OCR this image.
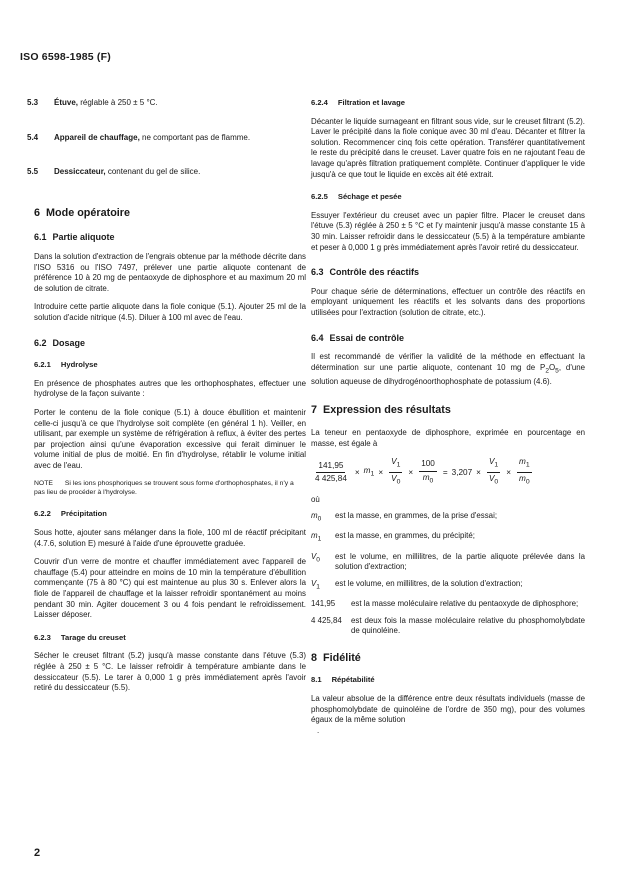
ISO 6598-1985 (F)
5.3 Étuve, réglable à 250 ± 5 °C.
5.4 Appareil de chauffage, ne comportant pas de flamme.
5.5 Dessiccateur, contenant du gel de silice.
6 Mode opératoire
6.1 Partie aliquote

Dans la solution d'extraction de l'engrais obtenue par la méthode décrite dans l'ISO 5316 ou l'ISO 7497, prélever une partie aliquote contenant de préférence 10 à 20 mg de pentaoxyde de diphosphore et au maximum 20 ml de solution de citrate.

Introduire cette partie aliquote dans la fiole conique (5.1). Ajouter 25 ml de la solution d'acide nitrique (4.5). Diluer à 100 ml avec de l'eau.

6.2 Dosage
6.2.1 Hydrolyse

En présence de phosphates autres que les orthophosphates, effectuer une hydrolyse de la façon suivante :

Porter le contenu de la fiole conique (5.1) à douce ébullition et maintenir celle-ci jusqu'à ce que l'hydrolyse soit complète (en général 1 h). Veiller, en utilisant, par exemple un système de réfrigération à reflux, à éviter des pertes par projection ainsi qu'une évaporation excessive qui ferait diminuer le volume initial de plus de moitié. En fin d'hydrolyse, rétablir le volume initial avec de l'eau.

NOTE Si les ions phosphoriques se trouvent sous forme d'orthophosphates, il n'y a pas lieu de procéder à l'hydrolyse.
6.2.2 Précipitation

Sous hotte, ajouter sans mélanger dans la fiole, 100 ml de réactif précipitant (4.7.6, solution E) mesuré à l'aide d'une éprouvette graduée.

Couvrir d'un verre de montre et chauffer immédiatement avec l'appareil de chauffage (5.4) pour atteindre en moins de 10 min la température d'ébullition commençante (75 à 80 °C) qui est maintenue au plus 30 s. Enlever alors la fiole de l'appareil de chauffage et la laisser refroidir spontanément au moins pendant 30 min. Agiter doucement 3 ou 4 fois pendant le refroidissement. Laisser déposer.

6.2.3 Tarage du creuset

Sécher le creuset filtrant (5.2) jusqu'à masse constante dans l'étuve (5.3) réglée à 250 ± 5 °C. Le laisser refroidir à température ambiante dans le dessiccateur (5.5). Le tarer à 0,000 1 g près immédiatement après l'avoir retiré du dessiccateur (5.5).

6.2.4 Filtration et lavage

Décanter le liquide surnageant en filtrant sous vide, sur le creuset filtrant (5.2). Laver le précipité dans la fiole conique avec 30 ml d'eau. Décanter et filtrer la solution. Recommencer cinq fois cette opération. Transférer quantitativement le reste du précipité dans le creuset. Laver quatre fois en ne rajoutant l'eau de lavage qu'après filtration pratiquement complète. Continuer d'appliquer le vide jusqu'à ce que tout le liquide en excès ait été extrait.

6.2.5 Séchage et pesée

Essuyer l'extérieur du creuset avec un papier filtre. Placer le creuset dans l'étuve (5.3) réglée à 250 ± 5 °C et l'y maintenir jusqu'à masse constante 15 à 30 min. Laisser refroidir dans le dessiccateur (5.5) à la température ambiante et peser à 0,000 1 g près immédiatement après l'avoir retiré du dessiccateur.

6.3 Contrôle des réactifs

Pour chaque série de déterminations, effectuer un contrôle des réactifs en employant uniquement les réactifs et les solvants dans des proportions utilisées pour l'extraction (solution de citrate, etc.).

6.4 Essai de contrôle

Il est recommandé de vérifier la validité de la méthode en effectuant la détermination sur une partie aliquote, contenant 10 mg de $P_2O_5$, d'une solution aqueuse de dihydrogénoorthophosphate de potassium (4.6).

7 Expression des résultats

La teneur en pentaoxyde de diphosphore, exprimée en pourcentage en masse, est égale à

$\frac{141,95}{4 425,84} \times m_1 \times \frac{V_1}{V_0} \times \frac{100}{m_0} = 3,207 \times \frac{V_1}{V_0} \times \frac{m_1}{m_0}$
où
$m_0$	est la masse, en grammes, de la prise d'essai;
$m_1$	est la masse, en grammes, du précipité;
$V_0$	est le volume, en millilitres, de la partie aliquote prélevée dans la solution d'extraction;
$V_1$	est le volume, en millilitres, de la solution d'extraction;
141,95	est la masse moléculaire relative du pentaoxyde de diphosphore;
4 425,84	est deux fois la masse moléculaire relative du phosphomolybdate de quinoléine.
8 Fidélité
8.1 Répétabilité

La valeur absolue de la différence entre deux résultats individuels (masse de phosphomolybdate de quinoléine de l'ordre de 350 mg), pour des volumes égaux de la même solution

.
2
